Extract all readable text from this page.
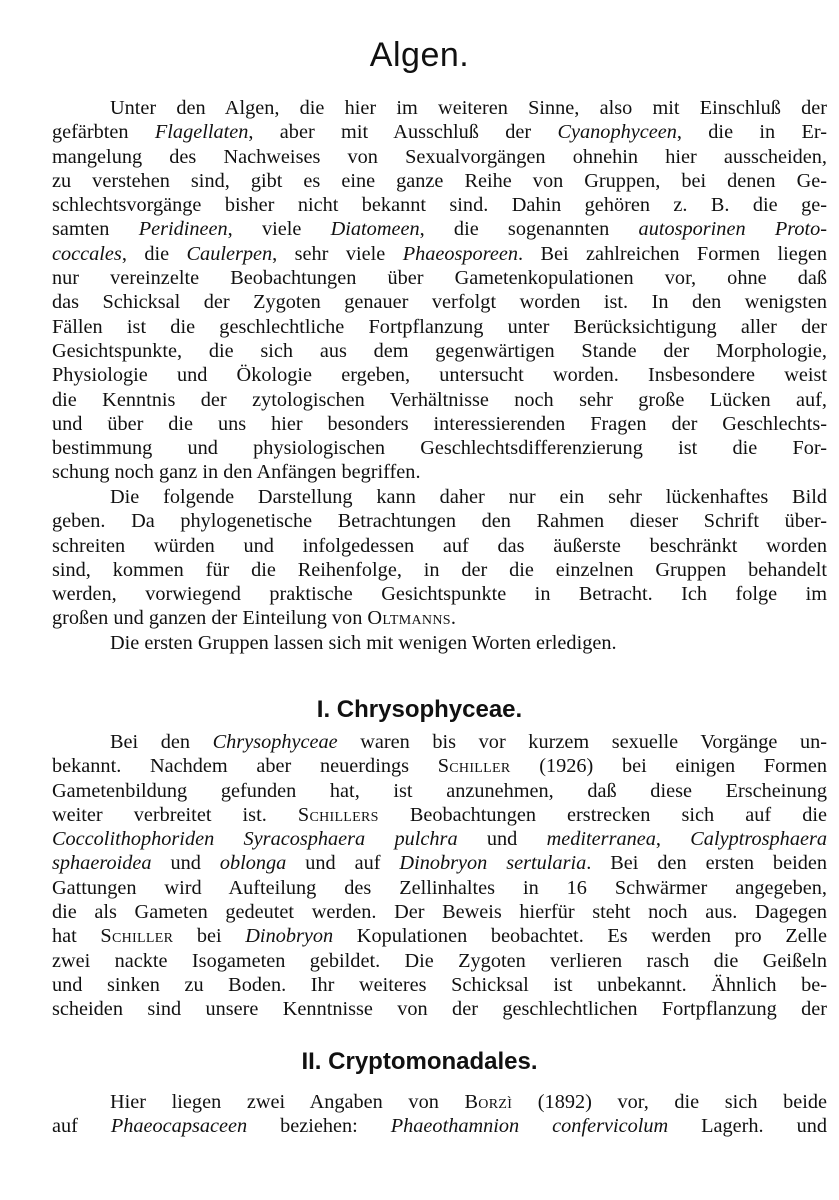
Algen.
Unter den Algen, die hier im weiteren Sinne, also mit Einschluß der
gefärbten Flagellaten, aber mit Ausschluß der Cyanophyceen, die in Er-
mangelung des Nachweises von Sexualvorgängen ohnehin hier ausscheiden,
zu verstehen sind, gibt es eine ganze Reihe von Gruppen, bei denen Ge-
schlechtsvorgänge bisher nicht bekannt sind. Dahin gehören z. B. die ge-
samten Peridineen, viele Diatomeen, die sogenannten autosporinen Proto-
coccales, die Caulerpen, sehr viele Phaeosporeen. Bei zahlreichen Formen liegen
nur vereinzelte Beobachtungen über Gametenkopulationen vor, ohne daß
das Schicksal der Zygoten genauer verfolgt worden ist. In den wenigsten
Fällen ist die geschlechtliche Fortpflanzung unter Berücksichtigung aller der
Gesichtspunkte, die sich aus dem gegenwärtigen Stande der Morphologie,
Physiologie und Ökologie ergeben, untersucht worden. Insbesondere weist
die Kenntnis der zytologischen Verhältnisse noch sehr große Lücken auf,
und über die uns hier besonders interessierenden Fragen der Geschlechts-
bestimmung und physiologischen Geschlechtsdifferenzierung ist die For-
schung noch ganz in den Anfängen begriffen.
Die folgende Darstellung kann daher nur ein sehr lückenhaftes Bild
geben. Da phylogenetische Betrachtungen den Rahmen dieser Schrift über-
schreiten würden und infolgedessen auf das äußerste beschränkt worden
sind, kommen für die Reihenfolge, in der die einzelnen Gruppen behandelt
werden, vorwiegend praktische Gesichtspunkte in Betracht. Ich folge im
großen und ganzen der Einteilung von Oltmanns.
Die ersten Gruppen lassen sich mit wenigen Worten erledigen.
I. Chrysophyceae.
Bei den Chrysophyceae waren bis vor kurzem sexuelle Vorgänge un-
bekannt. Nachdem aber neuerdings Schiller (1926) bei einigen Formen
Gametenbildung gefunden hat, ist anzunehmen, daß diese Erscheinung
weiter verbreitet ist. Schillers Beobachtungen erstrecken sich auf die
Coccolithophoriden Syracosphaera pulchra und mediterranea, Calyptrosphaera
sphaeroidea und oblonga und auf Dinobryon sertularia. Bei den ersten beiden
Gattungen wird Aufteilung des Zellinhaltes in 16 Schwärmer angegeben,
die als Gameten gedeutet werden. Der Beweis hierfür steht noch aus. Dagegen
hat Schiller bei Dinobryon Kopulationen beobachtet. Es werden pro Zelle
zwei nackte Isogameten gebildet. Die Zygoten verlieren rasch die Geißeln
und sinken zu Boden. Ihr weiteres Schicksal ist unbekannt. Ähnlich be-
scheiden sind unsere Kenntnisse von der geschlechtlichen Fortpflanzung der
II. Cryptomonadales.
Hier liegen zwei Angaben von Borzì (1892) vor, die sich beide
auf Phaeocapsaceen beziehen: Phaeothamnion confervicolum Lagerh. und
